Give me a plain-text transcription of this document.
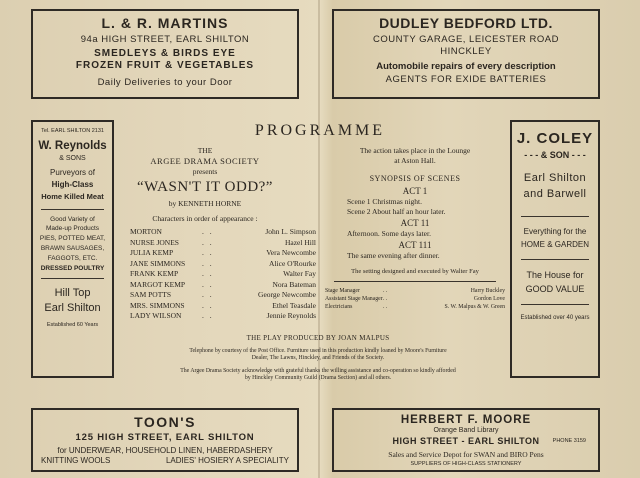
L. & R. MARTINS
94a HIGH STREET, EARL SHILTON
SMEDLEYS & BIRDS EYE
FROZEN FRUIT & VEGETABLES
Daily Deliveries to your Door
DUDLEY BEDFORD LTD.
COUNTY GARAGE, LEICESTER ROAD
HINCKLEY
Automobile repairs of every description
AGENTS FOR EXIDE BATTERIES
Tel. EARL SHILTON 2131
W. Reynolds
& SONS
Purveyors of
High-Class
Home Killed Meat
Good Variety of
Made-up Products
PIES, POTTED MEAT,
BRAWN SAUSAGES,
FAGGOTS, ETC.
DRESSED POULTRY
Hill Top
Earl Shilton
Established 60 Years
J. COLEY
- - - & SON - - -
Earl Shilton
and Barwell
Everything for the
HOME & GARDEN
The House for
GOOD VALUE
Established over 40 years
PROGRAMME
THE
ARGEE DRAMA SOCIETY
presents
“WASN'T IT ODD?”
by KENNETH HORNE
Characters in order of appearance :
MORTON	. .	John L. Simpson
NURSE JONES	. .	Hazel Hill
JULIA KEMP	. .	Vera Newcombe
JANE SIMMONS	. .	Alice O'Rourke
FRANK KEMP	. .	Walter Fay
MARGOT KEMP	. .	Nora Bateman
SAM POTTS	. .	George Newcombe
MRS. SIMMONS	. .	Ethel Teasdale
LADY WILSON	. .	Jennie Reynolds
The action takes place in the Lounge
at Aston Hall.
SYNOPSIS OF SCENES
ACT 1
Scene 1 Christmas night.
Scene 2 About half an hour later.
ACT 11
Afternoon. Some days later.
ACT 111
The same evening after dinner.
The setting designed and executed by Walter Fay
Stage Manager	. .	Harry Buckley
Assistant Stage Manager . .	Gordon Love
Electricians	. .	S. W. Malpus & W. Green
THE PLAY PRODUCED BY JOAN MALPUS
Telephone by courtesy of the Post Office. Furniture used in this production kindly loaned by Moore's Furniture
Dealer, The Lawns, Hinckley, and Friends of the Society.
The Argee Drama Society acknowledge with grateful thanks the willing assistance and co-operation so kindly afforded
by Hinckley Community Guild (Drama Section) and all others.
TOON'S
125 HIGH STREET, EARL SHILTON
for UNDERWEAR, HOUSEHOLD LINEN, HABERDASHERY
KNITTING WOOLS	LADIES' HOSIERY A SPECIALITY
HERBERT F. MOORE
Orange Band Library
HIGH STREET - EARL SHILTON	PHONE 3159
Sales and Service Depot for SWAN and BIRO Pens
SUPPLIERS OF HIGH-CLASS STATIONERY
